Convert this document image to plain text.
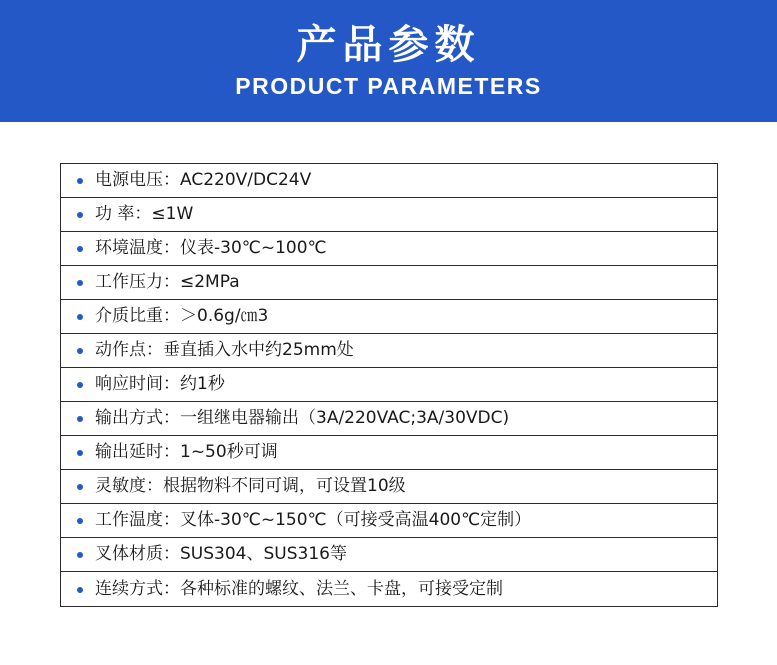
产品参数
PRODUCT PARAMETERS
电源电压：AC220V/DC24V
功 率：≤1W
环境温度：仪表-30℃~100℃
工作压力：≤2MPa
介质比重：＞0.6g/㎝3
动作点：垂直插入水中约25mm处
响应时间：约1秒
输出方式：一组继电器输出（3A/220VAC;3A/30VDC)
输出延时：1~50秒可调
灵敏度：根据物料不同可调，可设置10级
工作温度：叉体-30℃~150℃（可接受高温400℃定制）
叉体材质：SUS304、SUS316等
连续方式：各种标准的螺纹、法兰、卡盘，可接受定制
